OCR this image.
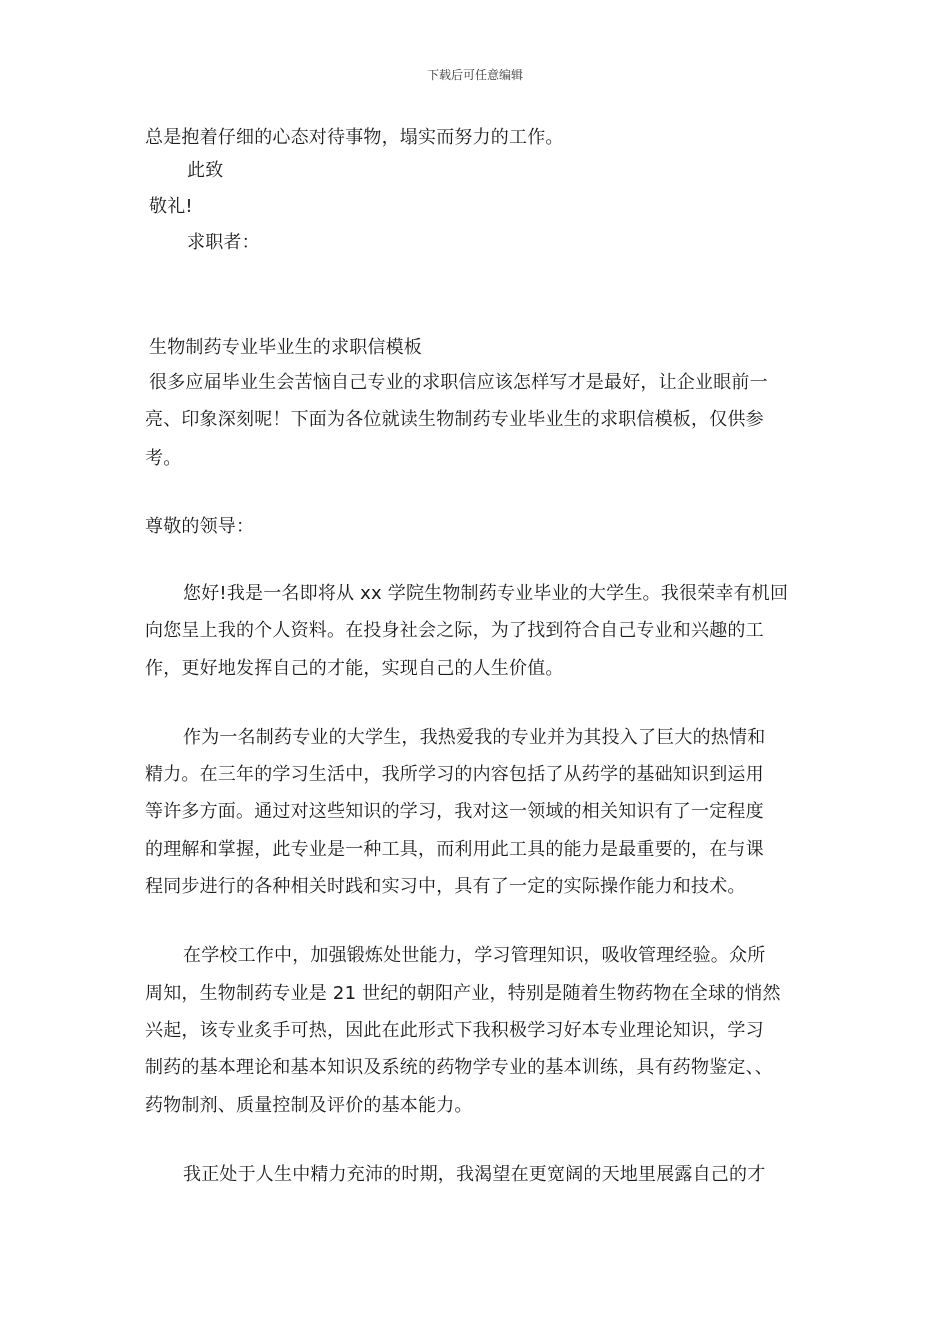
下载后可任意编辑
总是抱着仔细的心态对待事物，塌实而努力的工作。
此致
敬礼!
求职者：
生物制药专业毕业生的求职信模板
很多应届毕业生会苦恼自己专业的求职信应该怎样写才是最好，让企业眼前一
亮、印象深刻呢！下面为各位就读生物制药专业毕业生的求职信模板，仅供参
考。
尊敬的领导：
您好!我是一名即将从 xx 学院生物制药专业毕业的大学生。我很荣幸有机回
向您呈上我的个人资料。在投身社会之际，为了找到符合自己专业和兴趣的工
作，更好地发挥自己的才能，实现自己的人生价值。
作为一名制药专业的大学生，我热爱我的专业并为其投入了巨大的热情和
精力。在三年的学习生活中，我所学习的内容包括了从药学的基础知识到运用
等许多方面。通过对这些知识的学习，我对这一领域的相关知识有了一定程度
的理解和掌握，此专业是一种工具，而利用此工具的能力是最重要的，在与课
程同步进行的各种相关时践和实习中，具有了一定的实际操作能力和技术。
在学校工作中，加强锻炼处世能力，学习管理知识，吸收管理经验。众所
周知，生物制药专业是 21 世纪的朝阳产业，特别是随着生物药物在全球的悄然
兴起，该专业炙手可热，因此在此形式下我积极学习好本专业理论知识，学习
制药的基本理论和基本知识及系统的药物学专业的基本训练，具有药物鉴定、、
药物制剂、质量控制及评价的基本能力。
我正处于人生中精力充沛的时期，我渴望在更宽阔的天地里展露自己的才
